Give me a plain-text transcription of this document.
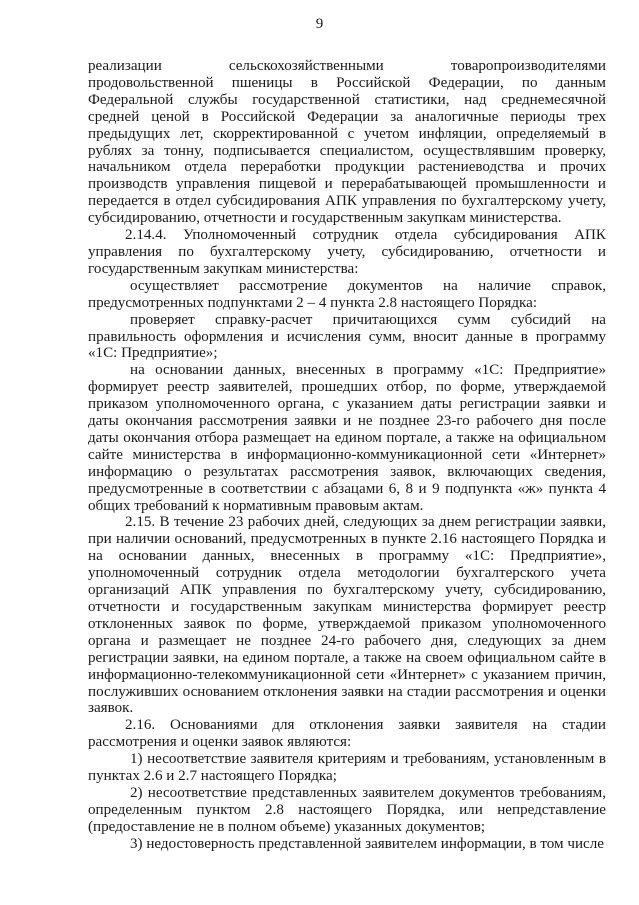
9

реализации сельскохозяйственными товаропроизводителями продовольственной пшеницы в Российской Федерации, по данным Федеральной службы государственной статистики, над среднемесячной средней ценой в Российской Федерации за аналогичные периоды трех предыдущих лет, скорректированной с учетом инфляции, определяемый в рублях за тонну, подписывается специалистом, осуществлявшим проверку, начальником отдела переработки продукции растениеводства и прочих производств управления пищевой и перерабатывающей промышленности и передается в отдел субсидирования АПК управления по бухгалтерскому учету, субсидированию, отчетности и государственным закупкам министерства.

2.14.4. Уполномоченный сотрудник отдела субсидирования АПК управления по бухгалтерскому учету, субсидированию, отчетности и государственным закупкам министерства:

осуществляет рассмотрение документов на наличие справок, предусмотренных подпунктами 2 – 4 пункта 2.8 настоящего Порядка:

проверяет справку-расчет причитающихся сумм субсидий на правильность оформления и исчисления сумм, вносит данные в программу «1С: Предприятие»;

на основании данных, внесенных в программу «1С: Предприятие» формирует реестр заявителей, прошедших отбор, по форме, утверждаемой приказом уполномоченного органа, с указанием даты регистрации заявки и даты окончания рассмотрения заявки и не позднее 23-го рабочего дня после даты окончания отбора размещает на едином портале, а также на официальном сайте министерства в информационно-коммуникационной сети «Интернет» информацию о результатах рассмотрения заявок, включающих сведения, предусмотренные в соответствии с абзацами 6, 8 и 9 подпункта «ж» пункта 4 общих требований к нормативным правовым актам.

2.15. В течение 23 рабочих дней, следующих за днем регистрации заявки, при наличии оснований, предусмотренных в пункте 2.16 настоящего Порядка и на основании данных, внесенных в программу «1С: Предприятие», уполномоченный сотрудник отдела методологии бухгалтерского учета организаций АПК управления по бухгалтерскому учету, субсидированию, отчетности и государственным закупкам министерства формирует реестр отклоненных заявок по форме, утверждаемой приказом уполномоченного органа и размещает не позднее 24-го рабочего дня, следующих за днем регистрации заявки, на едином портале, а также на своем официальном сайте в информационно-телекоммуникационной сети «Интернет» с указанием причин, послуживших основанием отклонения заявки на стадии рассмотрения и оценки заявок.

2.16. Основаниями для отклонения заявки заявителя на стадии рассмотрения и оценки заявок являются:

1) несоответствие заявителя критериям и требованиям, установленным в пунктах 2.6 и 2.7 настоящего Порядка;

2) несоответствие представленных заявителем документов требованиям, определенным пунктом 2.8 настоящего Порядка, или непредставление (предоставление не в полном объеме) указанных документов;

3) недостоверность представленной заявителем информации, в том числе
